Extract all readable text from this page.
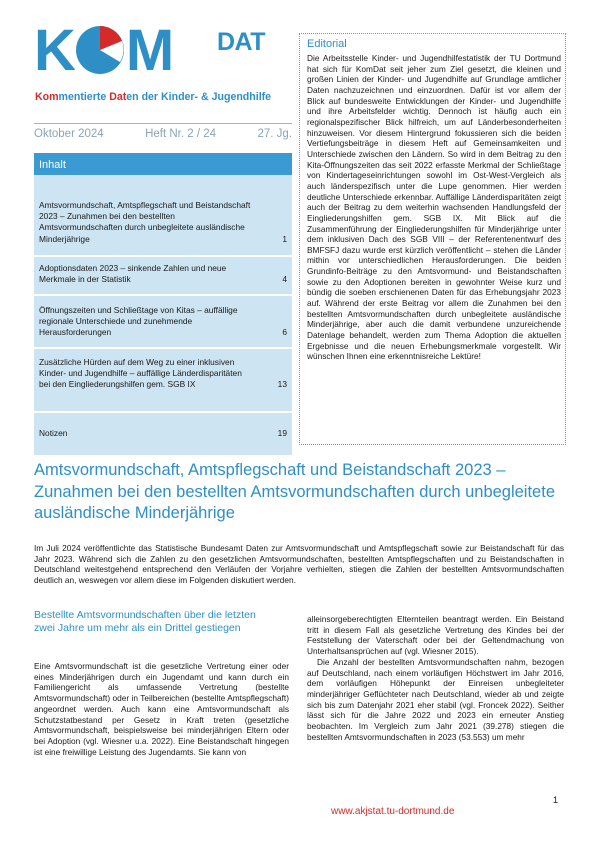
K M DAT
Kommentierte Daten der Kinder- & Jugendhilfe
Oktober 2024	Heft Nr. 2 / 24	27. Jg.
Inhalt
Amtsvormundschaft, Amtspflegschaft und Beistandschaft 2023 – Zunahmen bei den bestellten Amtsvormundschaften durch unbegleitete ausländische Minderjährige	1
Adoptionsdaten 2023 – sinkende Zahlen und neue Merkmale in der Statistik	4
Öffnungszeiten und Schließtage von Kitas – auffällige regionale Unterschiede und zunehmende Herausforderungen	6
Zusätzliche Hürden auf dem Weg zu einer inklusiven Kinder- und Jugendhilfe – auffällige Länderdisparitäten bei den Eingliederungshilfen gem. SGB IX	13
Notizen	19
Editorial
Die Arbeitsstelle Kinder- und Jugendhilfestatistik der TU Dortmund hat sich für KomDat seit jeher zum Ziel gesetzt, die kleinen und großen Linien der Kinder- und Jugendhilfe auf Grundlage amtlicher Daten nachzuzeichnen und einzuordnen. Dafür ist vor allem der Blick auf bundesweite Entwicklungen der Kinder- und Jugendhilfe und ihre Arbeitsfelder wichtig. Dennoch ist häufig auch ein regionalspezifischer Blick hilfreich, um auf Länderbesonderheiten hinzuweisen. Vor diesem Hintergrund fokussieren sich die beiden Vertiefungsbeiträge in diesem Heft auf Gemeinsamkeiten und Unterschiede zwischen den Ländern. So wird in dem Beitrag zu den Kita-Öffnungszeiten das seit 2022 erfasste Merkmal der Schließtage von Kindertageseinrichtungen sowohl im Ost-West-Vergleich als auch länderspezifisch unter die Lupe genommen. Hier werden deutliche Unterschiede erkennbar. Auffällige Länderdisparitäten zeigt auch der Beitrag zu dem weiterhin wachsenden Handlungsfeld der Eingliederungshilfen gem. SGB IX. Mit Blick auf die Zusammenführung der Eingliederungshilfen für Minderjährige unter dem inklusiven Dach des SGB VIII – der Referentenentwurf des BMFSFJ dazu wurde erst kürzlich veröffentlicht – stehen die Länder mithin vor unterschiedlichen Herausforderungen. Die beiden Grundinfo-Beiträge zu den Amtsvormund- und Beistandschaften sowie zu den Adoptionen bereiten in gewohnter Weise kurz und bündig die soeben erschienenen Daten für das Erhebungsjahr 2023 auf. Während der erste Beitrag vor allem die Zunahmen bei den bestellten Amtsvormundschaften durch unbegleitete ausländische Minderjährige, aber auch die damit verbundene unzureichende Datenlage behandelt, werden zum Thema Adoption die aktuellen Ergebnisse und die neuen Erhebungsmerkmale vorgestellt. Wir wünschen Ihnen eine erkenntnisreiche Lektüre!
Amtsvormundschaft, Amtspflegschaft und Beistandschaft 2023 – Zunahmen bei den bestellten Amtsvormundschaften durch unbegleitete ausländische Minderjährige
Im Juli 2024 veröffentlichte das Statistische Bundesamt Daten zur Amtsvormundschaft und Amtspflegschaft sowie zur Beistandschaft für das Jahr 2023. Während sich die Zahlen zu den gesetzlichen Amtsvormundschaften, bestellten Amtspflegschaften und zu Beistandschaften in Deutschland weitestgehend entsprechend den Verläufen der Vorjahre verhielten, stiegen die Zahlen der bestellten Amtsvormundschaften deutlich an, weswegen vor allem diese im Folgenden diskutiert werden.
Bestellte Amtsvormundschaften über die letzten zwei Jahre um mehr als ein Drittel gestiegen
Eine Amtsvormundschaft ist die gesetzliche Vertretung einer oder eines Minderjährigen durch ein Jugendamt und kann durch ein Familiengericht als umfassende Vertretung (bestellte Amtsvormundschaft) oder in Teilbereichen (bestellte Amtspflegschaft) angeordnet werden. Auch kann eine Amtsvormundschaft als Schutzstatbestand per Gesetz in Kraft treten (gesetzliche Amtsvormundschaft, beispielsweise bei minderjährigen Eltern oder bei Adoption (vgl. Wiesner u.a. 2022). Eine Beistandschaft hingegen ist eine freiwillige Leistung des Jugendamts. Sie kann von

alleinsorgeberechtigten Elternteilen beantragt werden. Ein Beistand tritt in diesem Fall als gesetzliche Vertretung des Kindes bei der Feststellung der Vaterschaft oder bei der Geltendmachung von Unterhaltsansprüchen auf (vgl. Wiesner 2015).

Die Anzahl der bestellten Amtsvormundschaften nahm, bezogen auf Deutschland, nach einem vorläufigen Höchstwert im Jahr 2016, dem vorläufigen Höhepunkt der Einreisen unbegleiteter minderjähriger Geflüchteter nach Deutschland, wieder ab und zeigte sich bis zum Datenjahr 2021 eher stabil (vgl. Froncek 2022). Seither lässt sich für die Jahre 2022 und 2023 ein erneuter Anstieg beobachten. Im Vergleich zum Jahr 2021 (39.278) stiegen die bestellten Amtsvormundschaften in 2023 (53.553) um mehr

1
www.akjstat.tu-dortmund.de
